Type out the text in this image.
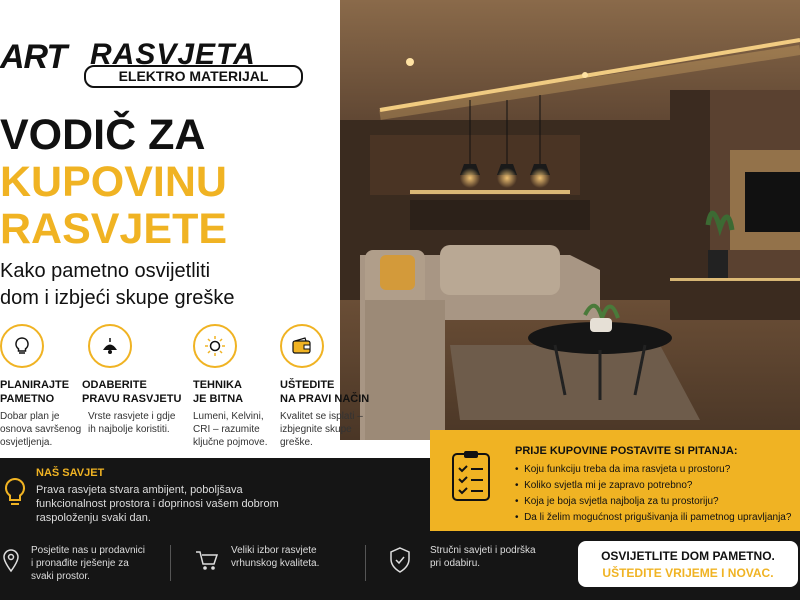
ART RASVJETA
ELEKTRO MATERIJAL
VODIČ ZA
KUPOVINU
RASVJETE
Kako pametno osvijetliti
dom i izbjeći skupe greške
PLANIRAJTE
PAMETNO
Dobar plan je
osnova savršenog
osvjetljenja.
ODABERITE
PRAVU RASVJETU
Vrste rasvjete i gdje
ih najbolje koristiti.
TEHNIKA
JE BITNA
Lumeni, Kelvini,
CRI – razumite
ključne pojmove.
UŠTEDITE
NA PRAVI NAČIN
Kvalitet se isplati –
izbjegnite skupe
greške.
NAŠ SAVJET
Prava rasvjeta stvara ambijent, poboljšava funkcionalnost prostora i doprinosi vašem dobrom raspoloženju svaki dan.
PRIJE KUPOVINE POSTAVITE SI PITANJA:
•  Koju funkciju treba da ima rasvjeta u prostoru?
•  Koliko svjetla mi je zapravo potrebno?
•  Koja je boja svjetla najbolja za tu prostoriju?
•  Da li želim mogućnost prigušivanja ili pametnog upravljanja?
Posjetite nas u prodavnici
i pronađite rješenje za
svaki prostor.
Veliki izbor rasvjete
vrhunskog kvaliteta.
Stručni savjeti i podrška
pri odabiru.
OSVIJETLITE DOM PAMETNO.
UŠTEDITE VRIJEME I NOVAC.
